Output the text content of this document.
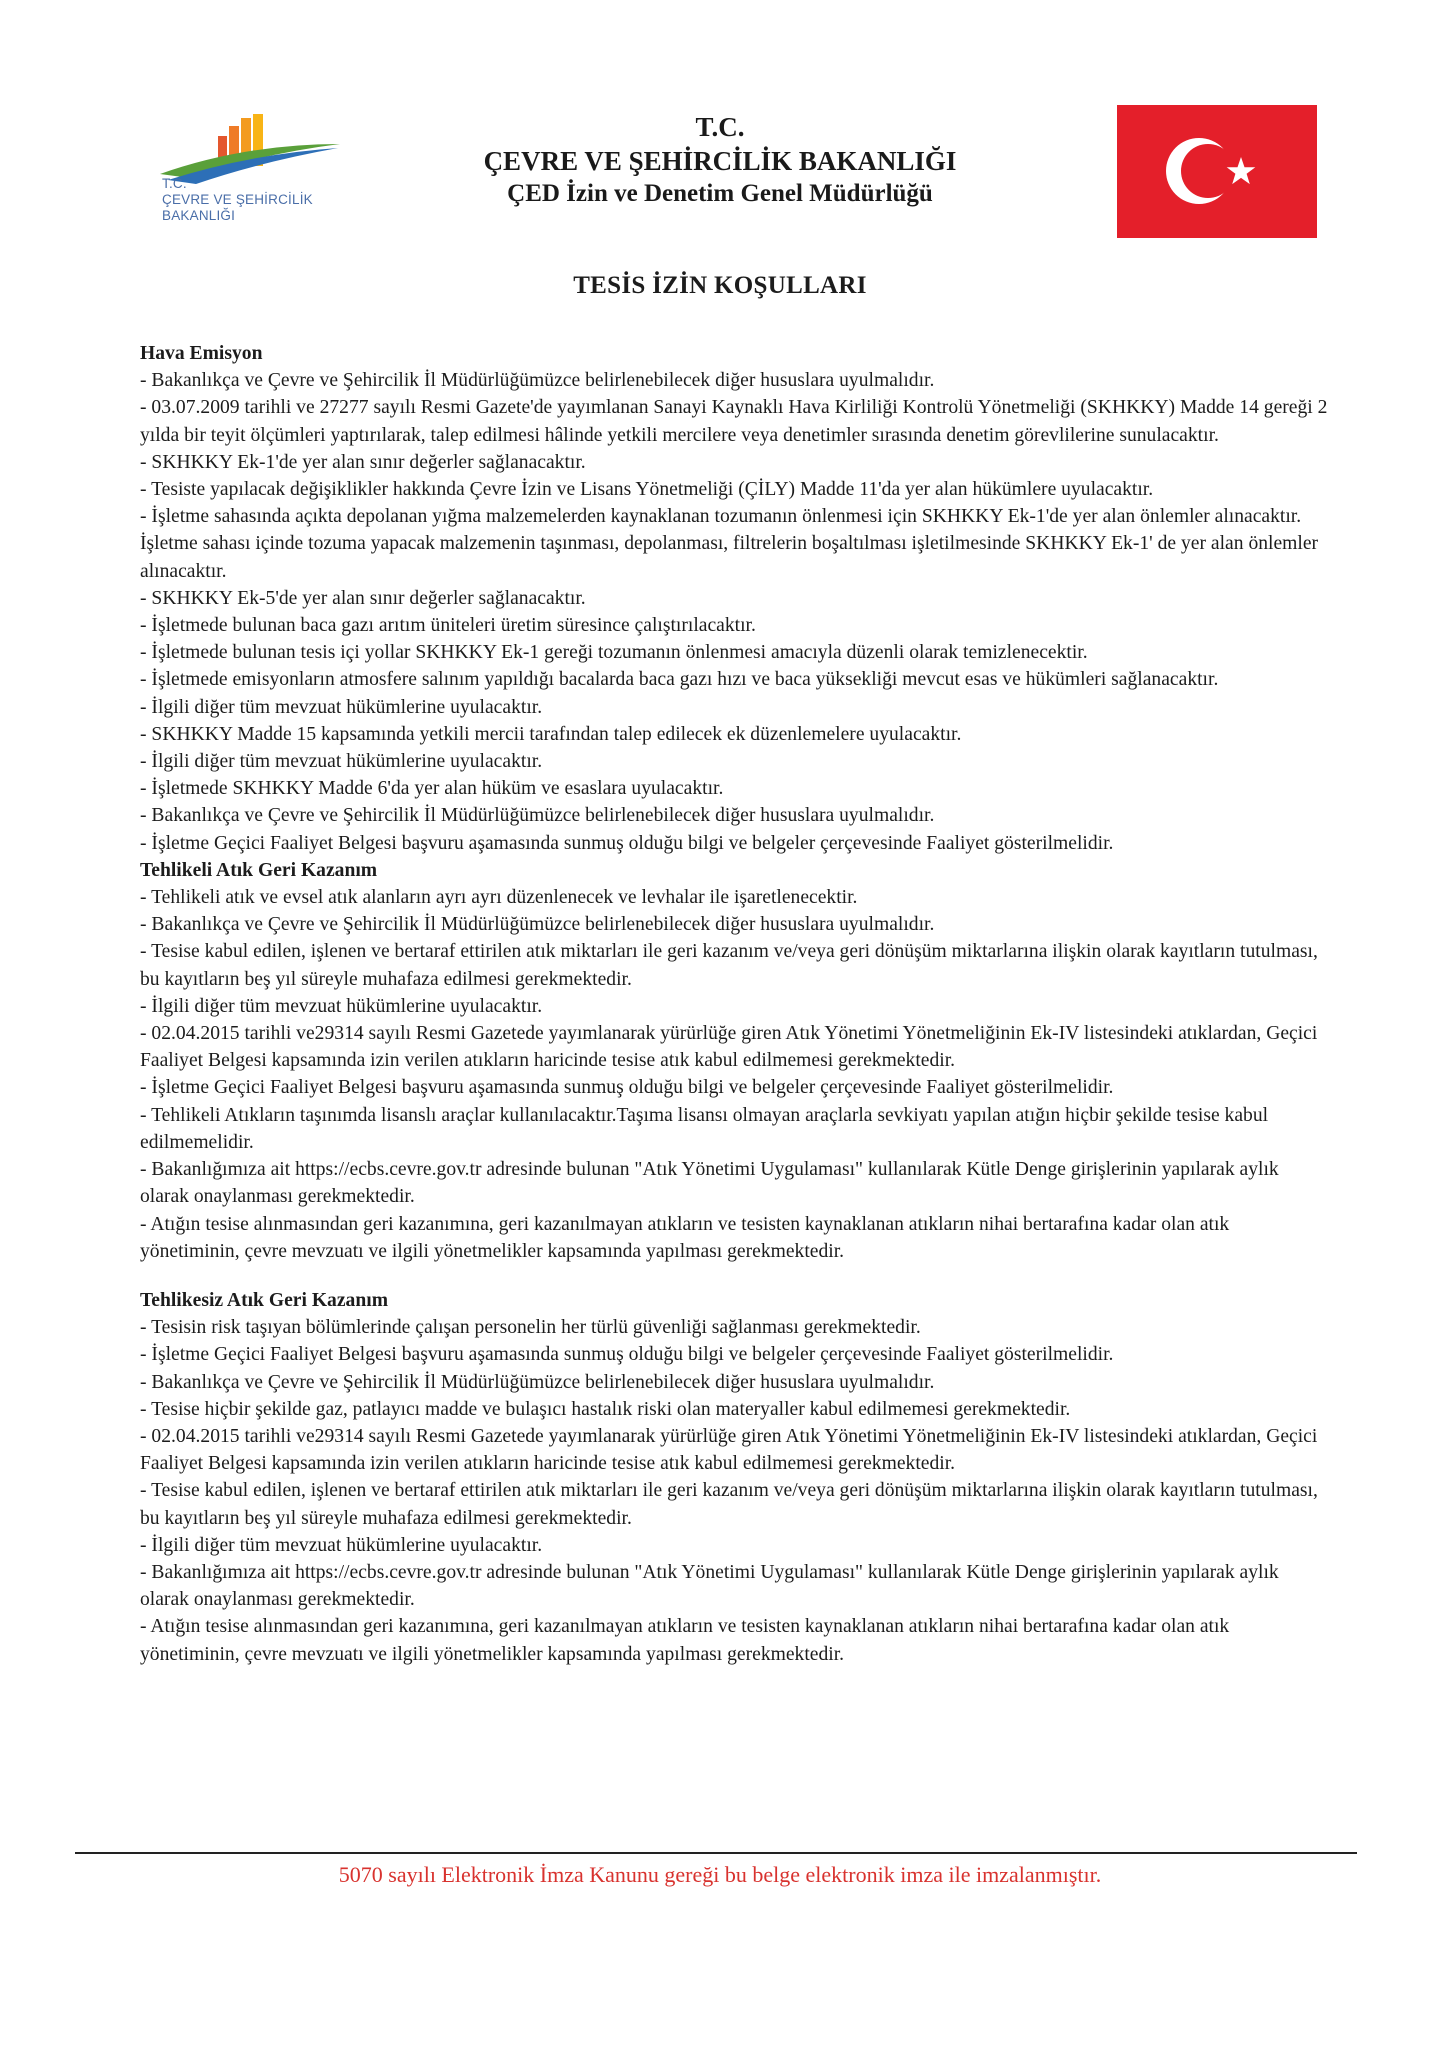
T.C.
ÇEVRE VE ŞEHİRCİLİK
BAKANLIĞI
T.C.
ÇEVRE VE ŞEHİRCİLİK BAKANLIĞI
ÇED İzin ve Denetim Genel Müdürlüğü
TESİS İZİN KOŞULLARI
Hava Emisyon

- Bakanlıkça ve Çevre ve Şehircilik İl Müdürlüğümüzce belirlenebilecek diğer hususlara uyulmalıdır.

- 03.07.2009 tarihli ve 27277 sayılı Resmi Gazete'de yayımlanan Sanayi Kaynaklı Hava Kirliliği Kontrolü Yönetmeliği (SKHKKY) Madde 14 gereği 2 yılda bir teyit ölçümleri yaptırılarak, talep edilmesi hâlinde yetkili mercilere veya denetimler sırasında denetim görevlilerine sunulacaktır.

- SKHKKY Ek-1'de yer alan sınır değerler sağlanacaktır.

- Tesiste yapılacak değişiklikler hakkında Çevre İzin ve Lisans Yönetmeliği (ÇİLY) Madde 11'da yer alan hükümlere uyulacaktır.

- İşletme sahasında açıkta depolanan yığma malzemelerden kaynaklanan tozumanın önlenmesi için SKHKKY Ek-1'de yer alan önlemler alınacaktır. İşletme sahası içinde tozuma yapacak malzemenin taşınması, depolanması, filtrelerin boşaltılması işletilmesinde SKHKKY Ek-1' de yer alan önlemler alınacaktır.

- SKHKKY Ek-5'de yer alan sınır değerler sağlanacaktır.

- İşletmede bulunan baca gazı arıtım üniteleri üretim süresince çalıştırılacaktır.

- İşletmede bulunan tesis içi yollar SKHKKY Ek-1 gereği tozumanın önlenmesi amacıyla düzenli olarak temizlenecektir.

- İşletmede emisyonların atmosfere salınım yapıldığı bacalarda baca gazı hızı ve baca yüksekliği mevcut esas ve hükümleri sağlanacaktır.

- İlgili diğer tüm mevzuat hükümlerine uyulacaktır.

- SKHKKY Madde 15 kapsamında yetkili mercii tarafından talep edilecek ek düzenlemelere uyulacaktır.

- İlgili diğer tüm mevzuat hükümlerine uyulacaktır.

- İşletmede SKHKKY Madde 6'da yer alan hüküm ve esaslara uyulacaktır.

- Bakanlıkça ve Çevre ve Şehircilik İl Müdürlüğümüzce belirlenebilecek diğer hususlara uyulmalıdır.

- İşletme Geçici Faaliyet Belgesi başvuru aşamasında sunmuş olduğu bilgi ve belgeler çerçevesinde Faaliyet gösterilmelidir.

Tehlikeli Atık Geri Kazanım

- Tehlikeli atık ve evsel atık alanların ayrı ayrı düzenlenecek ve levhalar ile işaretlenecektir.

- Bakanlıkça ve Çevre ve Şehircilik İl Müdürlüğümüzce belirlenebilecek diğer hususlara uyulmalıdır.

- Tesise kabul edilen, işlenen ve bertaraf ettirilen atık miktarları ile geri kazanım ve/veya geri dönüşüm miktarlarına ilişkin olarak kayıtların tutulması, bu kayıtların beş yıl süreyle muhafaza edilmesi gerekmektedir.

- İlgili diğer tüm mevzuat hükümlerine uyulacaktır.

- 02.04.2015 tarihli ve29314 sayılı Resmi Gazetede yayımlanarak yürürlüğe giren Atık Yönetimi Yönetmeliğinin Ek-IV listesindeki atıklardan, Geçici Faaliyet Belgesi kapsamında izin verilen atıkların haricinde tesise atık kabul edilmemesi gerekmektedir.

- İşletme Geçici Faaliyet Belgesi başvuru aşamasında sunmuş olduğu bilgi ve belgeler çerçevesinde Faaliyet gösterilmelidir.

- Tehlikeli Atıkların taşınımda lisanslı araçlar kullanılacaktır.Taşıma lisansı olmayan araçlarla sevkiyatı yapılan atığın hiçbir şekilde tesise kabul edilmemelidir.

- Bakanlığımıza ait https://ecbs.cevre.gov.tr adresinde bulunan "Atık Yönetimi Uygulaması" kullanılarak Kütle Denge girişlerinin yapılarak aylık olarak onaylanması gerekmektedir.

- Atığın tesise alınmasından geri kazanımına, geri kazanılmayan atıkların ve tesisten kaynaklanan atıkların nihai bertarafına kadar olan atık yönetiminin, çevre mevzuatı ve ilgili yönetmelikler kapsamında yapılması gerekmektedir.

Tehlikesiz Atık Geri Kazanım

- Tesisin risk taşıyan bölümlerinde çalışan personelin her türlü güvenliği sağlanması gerekmektedir.

- İşletme Geçici Faaliyet Belgesi başvuru aşamasında sunmuş olduğu bilgi ve belgeler çerçevesinde Faaliyet gösterilmelidir.

- Bakanlıkça ve Çevre ve Şehircilik İl Müdürlüğümüzce belirlenebilecek diğer hususlara uyulmalıdır.

- Tesise hiçbir şekilde gaz, patlayıcı madde ve bulaşıcı hastalık riski olan materyaller kabul edilmemesi gerekmektedir.

- 02.04.2015 tarihli ve29314 sayılı Resmi Gazetede yayımlanarak yürürlüğe giren Atık Yönetimi Yönetmeliğinin Ek-IV listesindeki atıklardan, Geçici Faaliyet Belgesi kapsamında izin verilen atıkların haricinde tesise atık kabul edilmemesi gerekmektedir.

- Tesise kabul edilen, işlenen ve bertaraf ettirilen atık miktarları ile geri kazanım ve/veya geri dönüşüm miktarlarına ilişkin olarak kayıtların tutulması, bu kayıtların beş yıl süreyle muhafaza edilmesi gerekmektedir.

- İlgili diğer tüm mevzuat hükümlerine uyulacaktır.

- Bakanlığımıza ait https://ecbs.cevre.gov.tr adresinde bulunan "Atık Yönetimi Uygulaması" kullanılarak Kütle Denge girişlerinin yapılarak aylık olarak onaylanması gerekmektedir.

- Atığın tesise alınmasından geri kazanımına, geri kazanılmayan atıkların ve tesisten kaynaklanan atıkların nihai bertarafına kadar olan atık yönetiminin, çevre mevzuatı ve ilgili yönetmelikler kapsamında yapılması gerekmektedir.

5070 sayılı Elektronik İmza Kanunu gereği bu belge elektronik imza ile imzalanmıştır.
